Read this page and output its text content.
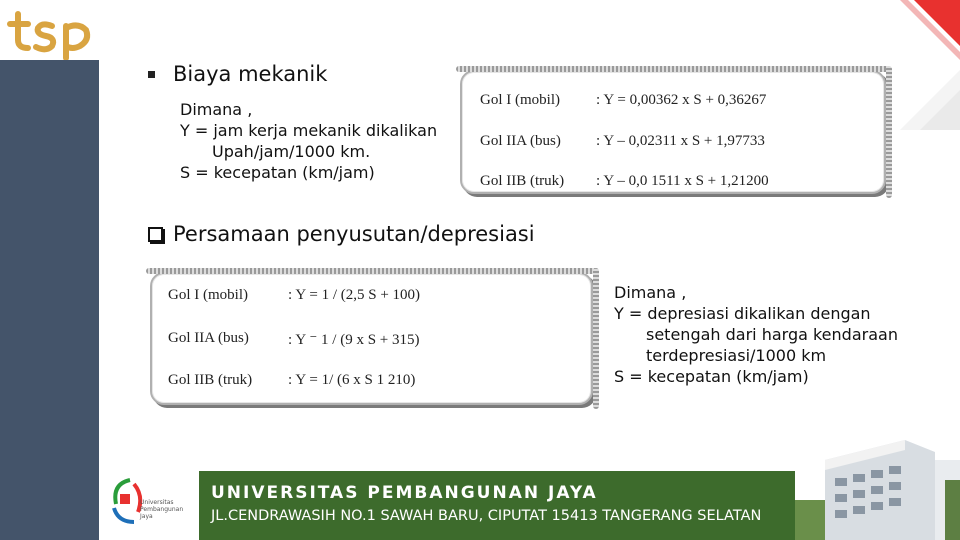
Biaya mekanik
Dimana ,
Y = jam kerja mekanik dikalikan
Upah/jam/1000 km.
S = kecepatan (km/jam)
Gol I (mobil) : Y = 0,00362 x S + 0,36267
Gol IIA (bus) : Y – 0,02311 x S + 1,97733
Gol IIB (truk) : Y – 0,0 1511 x S + 1,21200
Persamaan penyusutan/depresiasi
Gol I (mobil)	: Y = 1 / (2,5 S + 100)
Gol IIA (bus)	: Y ⁻ 1 / (9 x S + 315)
Gol IIB (truk) : Y = 1/ (6 x S 1 210)
Dimana ,
Y = depresiasi dikalikan dengan
setengah dari harga kendaraan
terdepresiasi/1000 km
S = kecepatan (km/jam)
Universitas
Pembangunan
Jaya
UNIVERSITAS PEMBANGUNAN JAYA
JL.CENDRAWASIH NO.1 SAWAH BARU, CIPUTAT 15413 TANGERANG SELATAN
